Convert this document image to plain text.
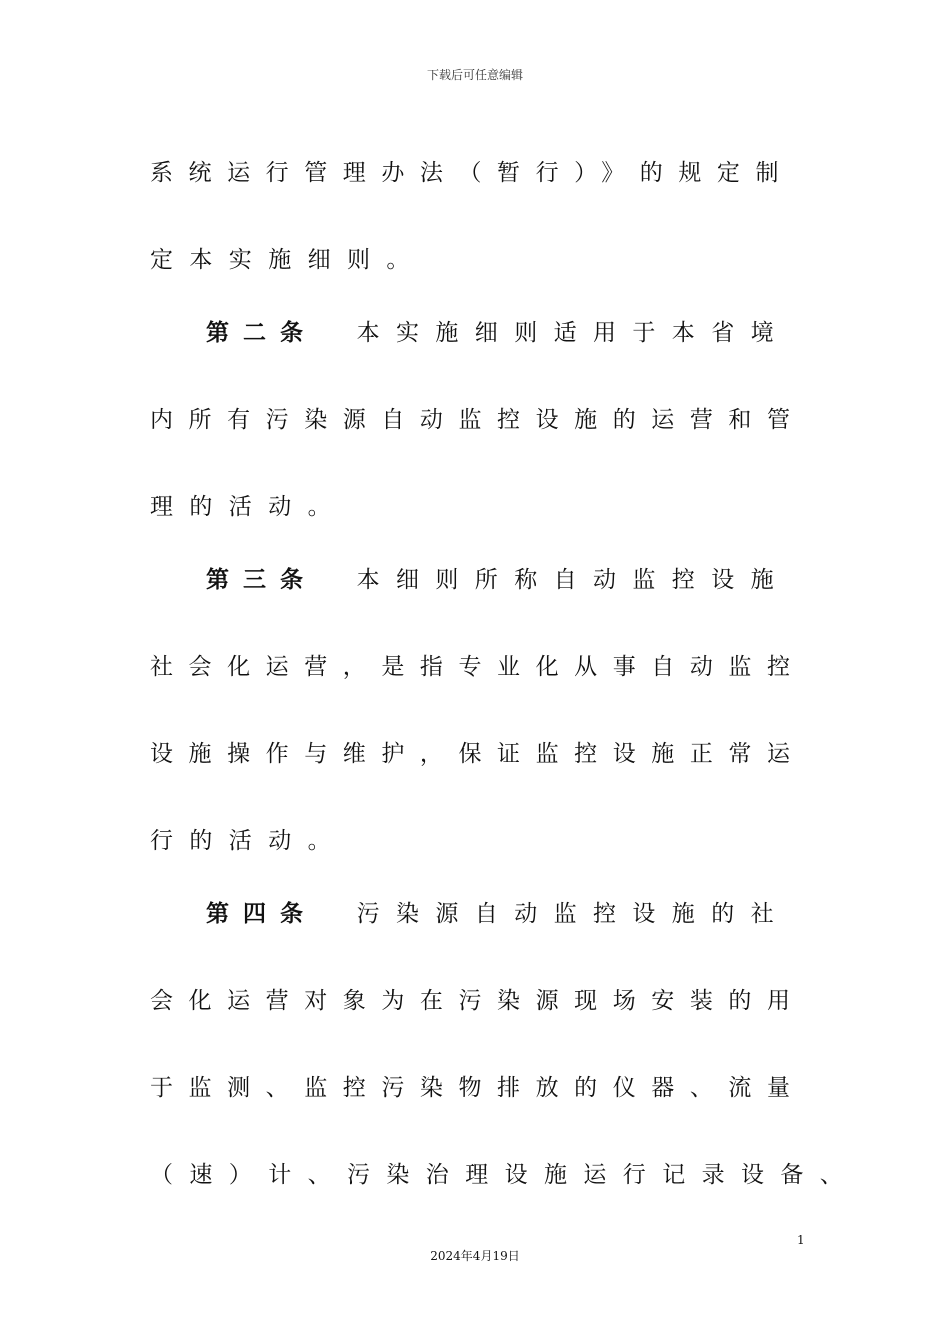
下载后可任意编辑
系统运行管理办法（暂行）》的规定制
定本实施细则。
第二条 本实施细则适用于本省境
内所有污染源自动监控设施的运营和管
理的活动。
第三条 本细则所称自动监控设施
社会化运营，是指专业化从事自动监控
设施操作与维护，保证监控设施正常运
行的活动。
第四条 污染源自动监控设施的社
会化运营对象为在污染源现场安装的用
于监测、监控污染物排放的仪器、流量
（速）计、污染治理设施运行记录设备、
1
2024年4月19日
